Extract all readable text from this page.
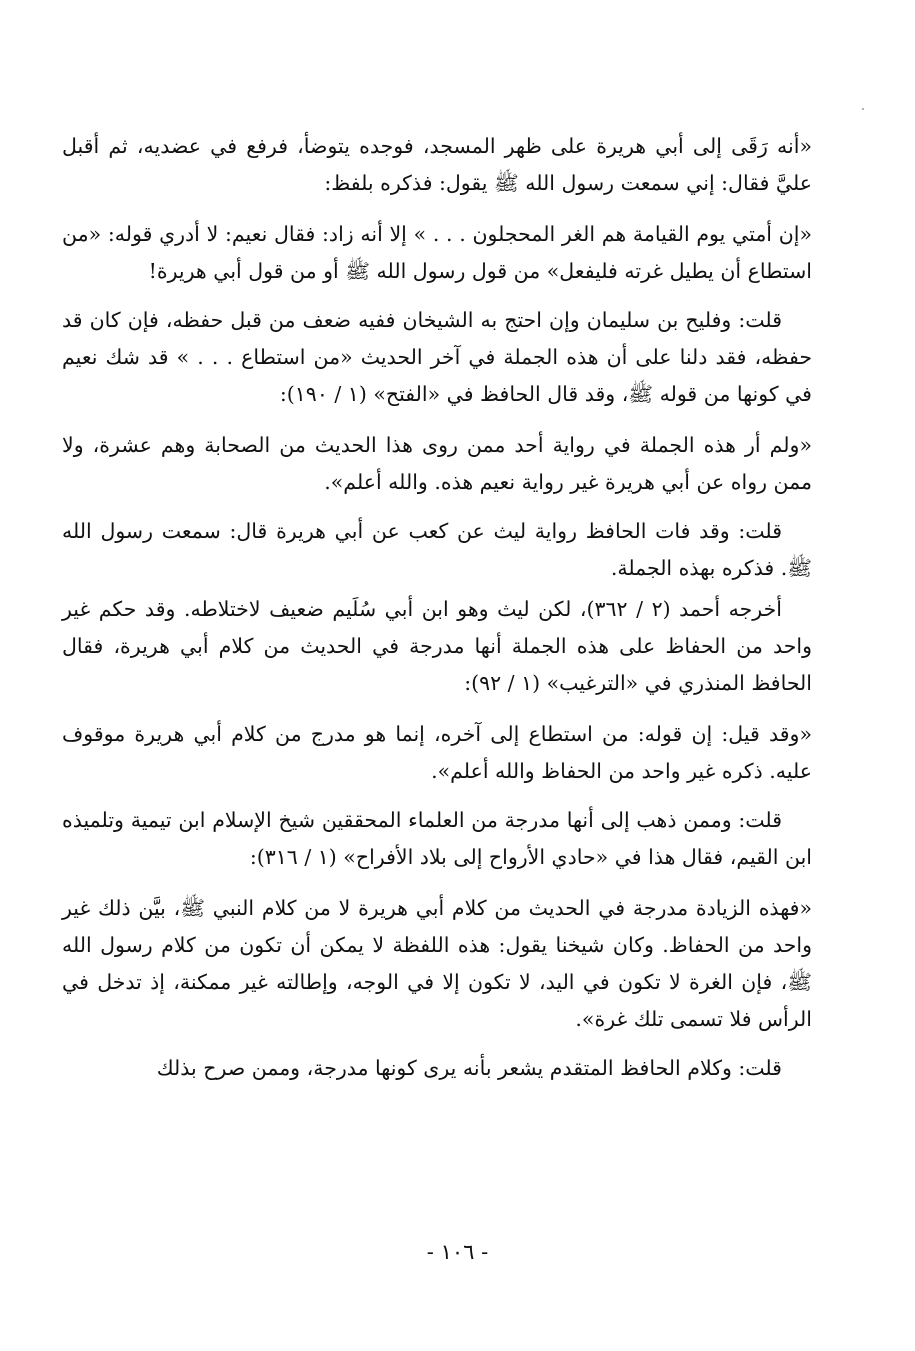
«أنه رَقَى إلى أبي هريرة على ظهر المسجد، فوجده يتوضأ، فرفع في عضديه، ثم أقبل عليَّ فقال: إني سمعت رسول الله ﷺ يقول: فذكره بلفظ:

«إن أمتي يوم القيامة هم الغر المحجلون . . . » إلا أنه زاد: فقال نعيم: لا أدري قوله: «من استطاع أن يطيل غرته فليفعل» من قول رسول الله ﷺ أو من قول أبي هريرة!

قلت: وفليح بن سليمان وإن احتج به الشيخان ففيه ضعف من قبل حفظه، فإن كان قد حفظه، فقد دلنا على أن هذه الجملة في آخر الحديث «من استطاع . . . » قد شك نعيم في كونها من قوله ﷺ، وقد قال الحافظ في «الفتح» (١ / ١٩٠):

«ولم أر هذه الجملة في رواية أحد ممن روى هذا الحديث من الصحابة وهم عشرة، ولا ممن رواه عن أبي هريرة غير رواية نعيم هذه. والله أعلم».

قلت: وقد فات الحافظ رواية ليث عن كعب عن أبي هريرة قال: سمعت رسول الله ﷺ. فذكره بهذه الجملة.

أخرجه أحمد (٢ / ٣٦٢)، لكن ليث وهو ابن أبي سُلَيم ضعيف لاختلاطه. وقد حكم غير واحد من الحفاظ على هذه الجملة أنها مدرجة في الحديث من كلام أبي هريرة، فقال الحافظ المنذري في «الترغيب» (١ / ٩٢):

«وقد قيل: إن قوله: من استطاع إلى آخره، إنما هو مدرج من كلام أبي هريرة موقوف عليه. ذكره غير واحد من الحفاظ والله أعلم».

قلت: وممن ذهب إلى أنها مدرجة من العلماء المحققين شيخ الإسلام ابن تيمية وتلميذه ابن القيم، فقال هذا في «حادي الأرواح إلى بلاد الأفراح» (١ / ٣١٦):

«فهذه الزيادة مدرجة في الحديث من كلام أبي هريرة لا من كلام النبي ﷺ، بيَّن ذلك غير واحد من الحفاظ. وكان شيخنا يقول: هذه اللفظة لا يمكن أن تكون من كلام رسول الله ﷺ، فإن الغرة لا تكون في اليد، لا تكون إلا في الوجه، وإطالته غير ممكنة، إذ تدخل في الرأس فلا تسمى تلك غرة».

قلت: وكلام الحافظ المتقدم يشعر بأنه يرى كونها مدرجة، وممن صرح بذلك

- ١٠٦ -
